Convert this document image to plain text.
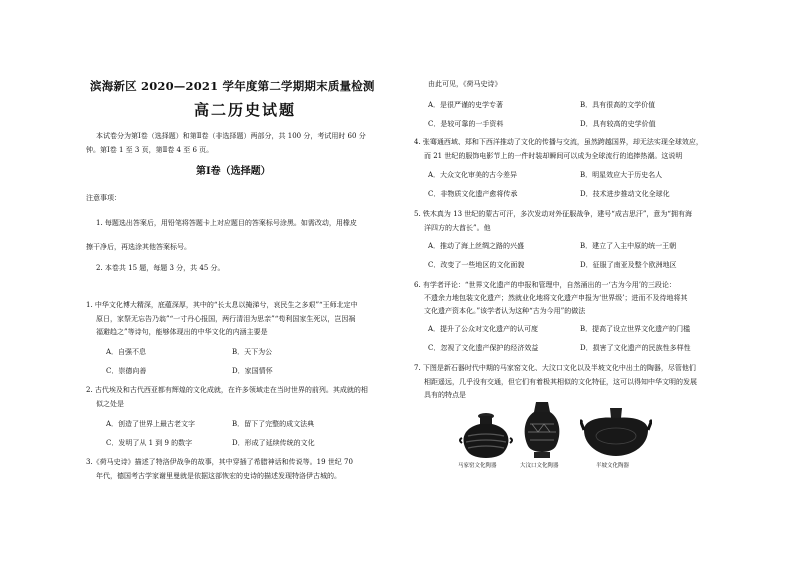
滨海新区 2020—2021 学年度第二学期期末质量检测
高二历史试题
本试卷分为第Ⅰ卷（选择题）和第Ⅱ卷（非选择题）两部分，共 100 分，考试用时 60 分
钟。第Ⅰ卷 1 至 3 页，第Ⅱ卷 4 至 6 页。
第Ⅰ卷（选择题）
注意事项：
1. 每题选出答案后，用铅笔将答题卡上对应题目的答案标号涂黑。如需改动，用橡皮
擦干净后，再选涂其他答案标号。
2. 本卷共 15 题，每题 3 分，共 45 分。
1. 中华文化博大精深，底蕴深厚，其中的“长太息以掩涕兮，哀民生之多艰”“王师北定中
原日，家祭无忘告乃翁”“一寸丹心报国，两行清泪为思亲”“苟利国家生死以，岂因祸
福避趋之”等诗句，能够体现出的中华文化的内涵主要是
A．自强不息	B．天下为公
C．崇德向善	D．家国情怀
2. 古代埃及和古代西亚都有辉煌的文化成就，在许多领域走在当时世界的前列。其成就的相
似之处是
A．创造了世界上最古老文字	B．留下了完整的成文法典
C．发明了从 1 到 9 的数字	D．形成了延续传统的文化
3.《荷马史诗》描述了特洛伊战争的故事，其中穿插了希腊神话和传说等。19 世纪 70
年代，德国考古学家谢里曼就是依据这部恢宏的史诗的描述发现特洛伊古城的。
由此可见，《荷马史诗》
A．是很严谨的史学专著	B．具有很高的文学价值
C．是较可靠的一手资料	D．具有较高的史学价值
4. 张骞通西域、郑和下西洋推动了文化的传播与交流，虽然跨越国界，却无法实现全球效应，
而 21 世纪的服饰电影节上的一件时装却瞬间可以成为全球流行的追捧热潮。这说明
A．大众文化审美的古今差异	B．明星效应大于历史名人
C．非物质文化遗产愈将传承	D．技术进步推动文化全球化
5. 铁木真为 13 世纪的蒙古可汗，多次发动对外征服战争，建号“成吉思汗”，意为“拥有海
洋四方的大酋长”。他
A．推动了海上丝绸之路的兴盛	B．建立了入主中原的统一王朝
C．改变了一些地区的文化面貌	D．征服了南亚及整个欧洲地区
6. 有学者评论：“世界文化遗产的申报和管理中，自然涌出的一‘古为今用’的三段论：
不遗余力地包装文化遗产；然就业化地将文化遗产申报为‘世界级’；进而不及待地将其
文化遗产资本化。”该学者认为这种“古为今用”的做法
A．提升了公众对文化遗产的认可度	B．提高了设立世界文化遗产的门槛
C．忽视了文化遗产保护的经济效益	D．损害了文化遗产的民族性多样性
7. 下图是新石器时代中期的马家窑文化、大汶口文化以及半坡文化中出土的陶器，尽管他们
相距遥远，几乎没有交通，但它们有着极其相似的文化特征，这可以得知中华文明的发展
具有的特点是
马家窑文化陶器	大汶口文化陶器	半坡文化陶器
